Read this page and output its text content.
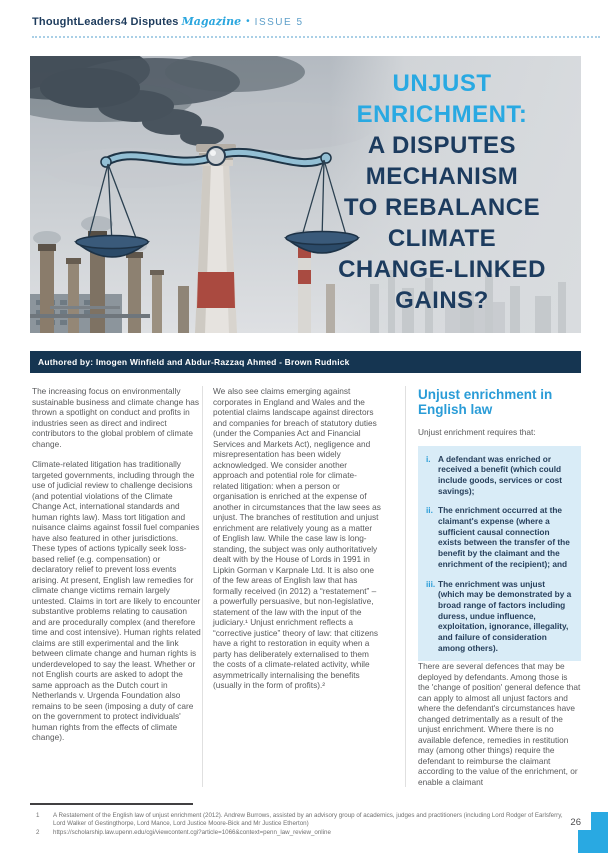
ThoughtLeaders4 Disputes Magazine • ISSUE 5
UNJUST
ENRICHMENT:
A DISPUTES
MECHANISM
TO REBALANCE
CLIMATE
CHANGE-LINKED
GAINS?
Authored by: Imogen Winfield and Abdur-Razzaq Ahmed - Brown Rudnick

The increasing focus on environmentally sustainable business and climate change has thrown a spotlight on conduct and profits in industries seen as direct and indirect contributors to the global problem of climate change.

Climate-related litigation has traditionally targeted governments, including through the use of judicial review to challenge decisions (and potential violations of the Climate Change Act, international standards and human rights law). Mass tort litigation and nuisance claims against fossil fuel companies have also featured in other jurisdictions. These types of actions typically seek loss-based relief (e.g. compensation) or declaratory relief to prevent loss events arising. At present, English law remedies for climate change victims remain largely untested. Claims in tort are likely to encounter substantive problems relating to causation and are procedurally complex (and therefore time and cost intensive). Human rights related claims are still experimental and the link between climate change and human rights is underdeveloped to say the least. Whether or not English courts are asked to adopt the same approach as the Dutch court in Netherlands v. Urgenda Foundation also remains to be seen (imposing a duty of care on the government to protect individuals' human rights from the effects of climate change).

We also see claims emerging against corporates in England and Wales and the potential claims landscape against directors and companies for breach of statutory duties (under the Companies Act and Financial Services and Markets Act), negligence and misrepresentation has been widely acknowledged. We consider another approach and potential role for climate-related litigation: when a person or organisation is enriched at the expense of another in circumstances that the law sees as unjust. The branches of restitution and unjust enrichment are relatively young as a matter of English law. While the case law is long-standing, the subject was only authoritatively dealt with by the House of Lords in 1991 in Lipkin Gorman v Karpnale Ltd. It is also one of the few areas of English law that has formally received (in 2012) a “restatement” – a powerfully persuasive, but non-legislative, statement of the law with the input of the judiciary.¹ Unjust enrichment reflects a “corrective justice” theory of law: that citizens have a right to restoration in equity when a party has deliberately externalised to them the costs of a climate-related activity, while asymmetrically internalising the benefits (usually in the form of profits).²

Unjust enrichment in English law

Unjust enrichment requires that:

i. A defendant was enriched or received a benefit (which could include goods, services or cost savings);
ii. The enrichment occurred at the claimant's expense (where a sufficient causal connection exists between the transfer of the benefit by the claimant and the enrichment of the recipient); and
iii. The enrichment was unjust (which may be demonstrated by a broad range of factors including duress, undue influence, exploitation, ignorance, illegality, and failure of consideration among others).

There are several defences that may be deployed by defendants. Among those is the 'change of position' general defence that can apply to almost all unjust factors and where the defendant's circumstances have changed detrimentally as a result of the unjust enrichment. Where there is no available defence, remedies in restitution may (among other things) require the defendant to reimburse the claimant according to the value of the enrichment, or enable a claimant

1	A Restatement of the English law of unjust enrichment (2012). Andrew Burrows, assisted by an advisory group of academics, judges and practitioners (including Lord Rodger of Earlsferry, Lord Walker of Gestingthorpe, Lord Mance, Lord Justice Moore-Bick and Mr Justice Etherton)
2	https://scholarship.law.upenn.edu/cgi/viewcontent.cgi?article=1066&context=penn_law_review_online
26
